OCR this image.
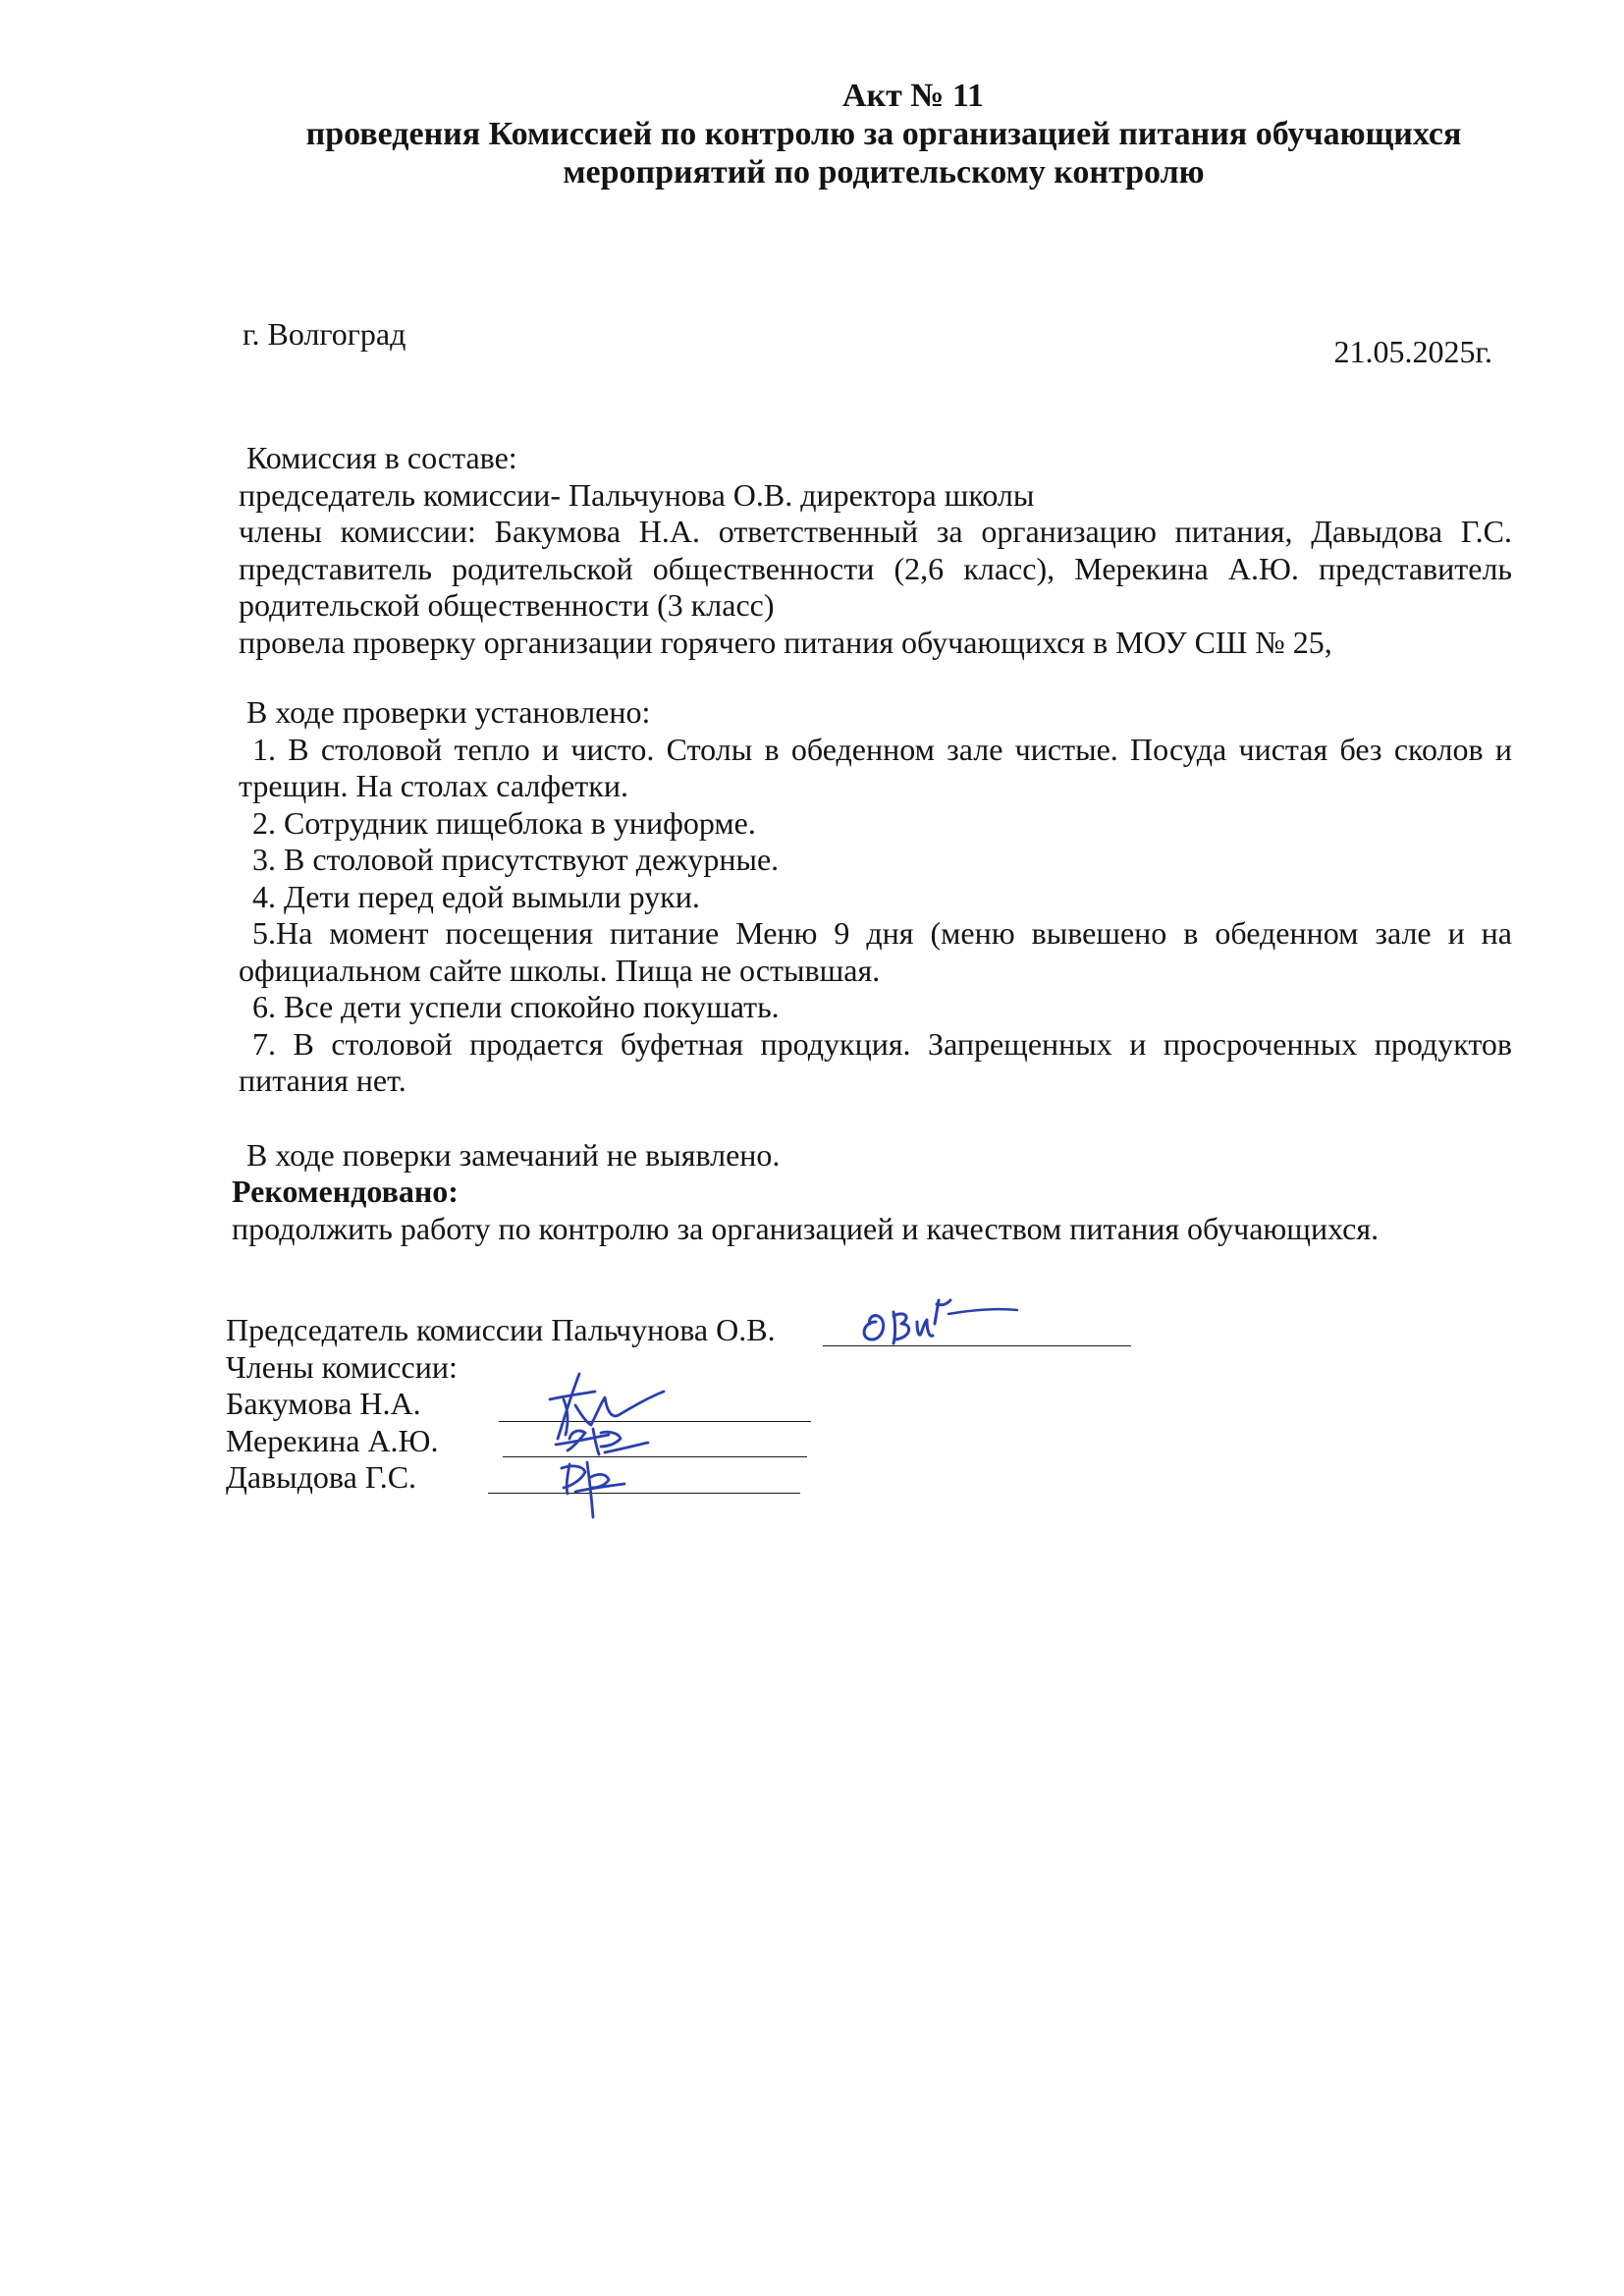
Акт № 11
проведения Комиссией по контролю за организацией питания обучающихся
мероприятий по родительскому контролю
г. Волгоград	21.05.2025г.

Комиссия в составе:

председатель комиссии- Пальчунова О.В. директора школы

члены комиссии: Бакумова Н.А. ответственный за организацию питания, Давыдова Г.С. представитель родительской общественности (2,6 класс), Мерекина А.Ю. представитель родительской общественности (3 класс)

провела проверку организации горячего питания обучающихся в МОУ СШ № 25,

В ходе проверки установлено:

1. В столовой тепло и чисто. Столы в обеденном зале чистые. Посуда чистая без сколов и трещин. На столах салфетки.

2. Сотрудник пищеблока в униформе.

3. В столовой присутствуют дежурные.

4. Дети перед едой вымыли руки.

5.На момент посещения питание Меню 9 дня (меню вывешено в обеденном зале и на официальном сайте школы. Пища не остывшая.

6. Все дети успели спокойно покушать.

7. В столовой продается буфетная продукция. Запрещенных и просроченных продуктов питания нет.

В ходе поверки замечаний не выявлено.

Рекомендовано:

продолжить работу по контролю за организацией и качеством питания обучающихся.

Председатель комиссии Пальчунова О.В.
Члены комиссии:
Бакумова Н.А.
Мерекина А.Ю.
Давыдова Г.С.
